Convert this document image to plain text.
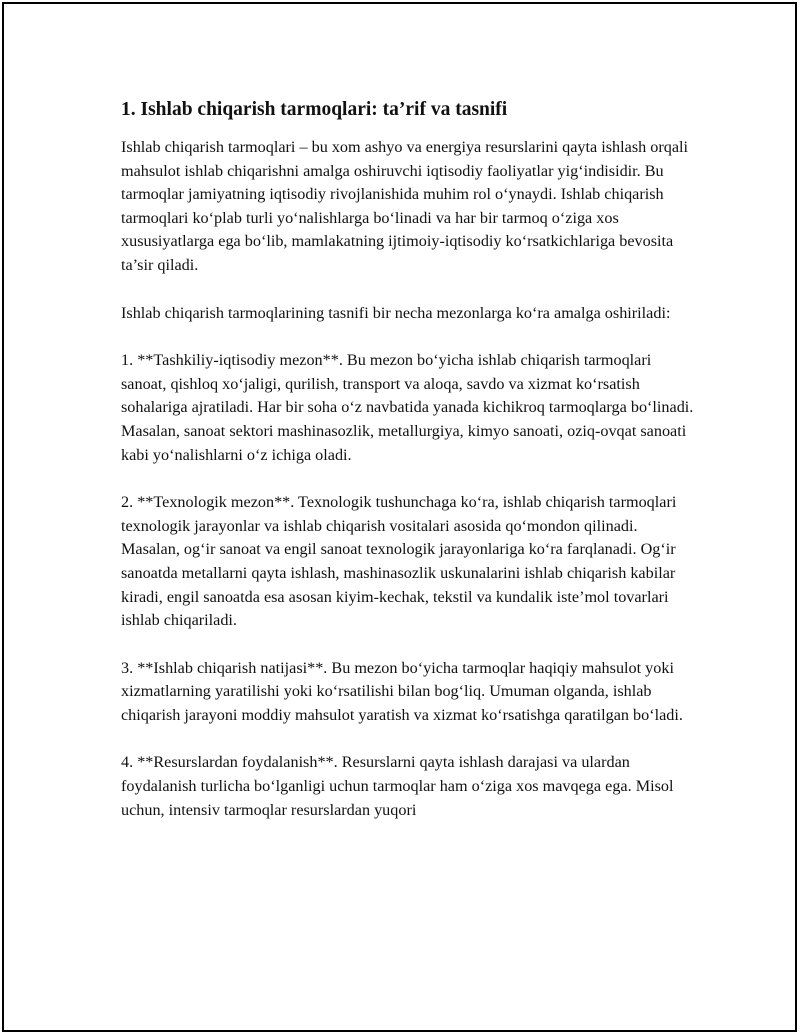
1. Ishlab chiqarish tarmoqlari: ta’rif va tasnifi

Ishlab chiqarish tarmoqlari – bu xom ashyo va energiya resurslarini qayta ishlash orqali mahsulot ishlab chiqarishni amalga oshiruvchi iqtisodiy faoliyatlar yig‘indisidir. Bu tarmoqlar jamiyatning iqtisodiy rivojlanishida muhim rol o‘ynaydi. Ishlab chiqarish tarmoqlari ko‘plab turli yo‘nalishlarga bo‘linadi va har bir tarmoq o‘ziga xos xususiyatlarga ega bo‘lib, mamlakatning ijtimoiy-iqtisodiy ko‘rsatkichlariga bevosita ta’sir qiladi.

Ishlab chiqarish tarmoqlarining tasnifi bir necha mezonlarga ko‘ra amalga oshiriladi:

1. **Tashkiliy-iqtisodiy mezon**. Bu mezon bo‘yicha ishlab chiqarish tarmoqlari sanoat, qishloq xo‘jaligi, qurilish, transport va aloqa, savdo va xizmat ko‘rsatish sohalariga ajratiladi. Har bir soha o‘z navbatida yanada kichikroq tarmoqlarga bo‘linadi. Masalan, sanoat sektori mashinasozlik, metallurgiya, kimyo sanoati, oziq-ovqat sanoati kabi yo‘nalishlarni o‘z ichiga oladi.

2. **Texnologik mezon**. Texnologik tushunchaga ko‘ra, ishlab chiqarish tarmoqlari texnologik jarayonlar va ishlab chiqarish vositalari asosida qo‘mondon qilinadi. Masalan, og‘ir sanoat va engil sanoat texnologik jarayonlariga ko‘ra farqlanadi. Og‘ir sanoatda metallarni qayta ishlash, mashinasozlik uskunalarini ishlab chiqarish kabilar kiradi, engil sanoatda esa asosan kiyim-kechak, tekstil va kundalik iste’mol tovarlari ishlab chiqariladi.

3. **Ishlab chiqarish natijasi**. Bu mezon bo‘yicha tarmoqlar haqiqiy mahsulot yoki xizmatlarning yaratilishi yoki ko‘rsatilishi bilan bog‘liq. Umuman olganda, ishlab chiqarish jarayoni moddiy mahsulot yaratish va xizmat ko‘rsatishga qaratilgan bo‘ladi.

4. **Resurslardan foydalanish**. Resurslarni qayta ishlash darajasi va ulardan foydalanish turlicha bo‘lganligi uchun tarmoqlar ham o‘ziga xos mavqega ega. Misol uchun, intensiv tarmoqlar resurslardan yuqori
